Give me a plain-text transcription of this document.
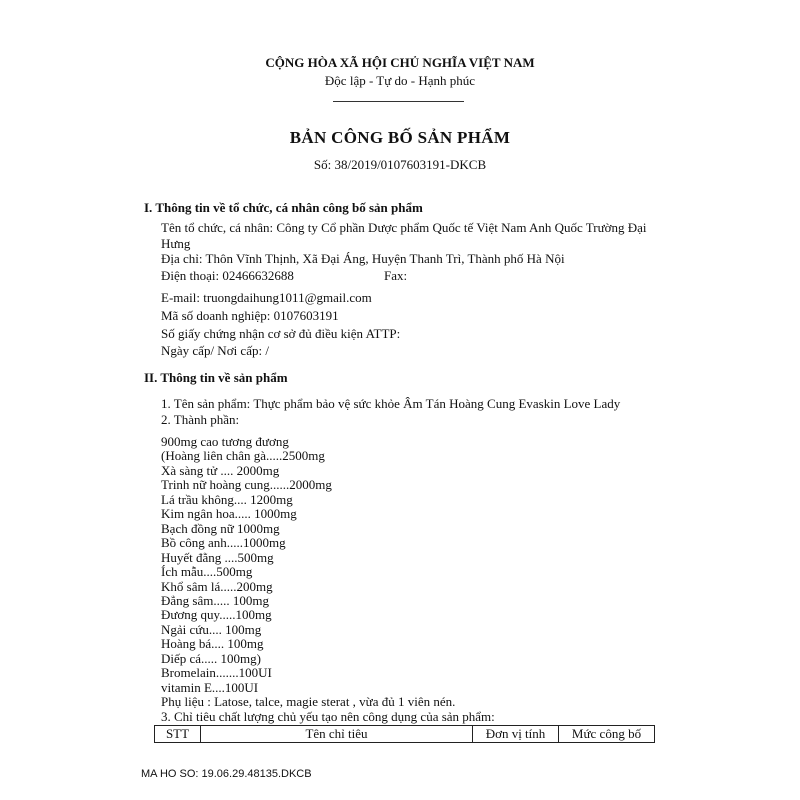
CỘNG HÒA XÃ HỘI CHỦ NGHĨA VIỆT NAM
Độc lập - Tự do - Hạnh phúc
BẢN CÔNG BỐ SẢN PHẨM
Số: 38/2019/0107603191-DKCB
I. Thông tin về tổ chức, cá nhân công bố sản phẩm
Tên tổ chức, cá nhân: Công ty Cổ phần Dược phẩm Quốc tế Việt Nam Anh Quốc Trường Đại Hưng
Địa chỉ: Thôn Vĩnh Thịnh, Xã Đại Áng, Huyện Thanh Trì, Thành phố Hà Nội
Điện thoại: 02466632688	Fax:
E-mail: truongdaihung1011@gmail.com
Mã số doanh nghiệp: 0107603191
Số giấy chứng nhận cơ sở đủ điều kiện ATTP:
Ngày cấp/ Nơi cấp: /
II. Thông tin về sản phẩm
1. Tên sản phẩm: Thực phẩm bảo vệ sức khỏe Âm Tán Hoàng Cung Evaskin Love Lady
2. Thành phần:
900mg cao tương đương
(Hoàng liên chân gà.....2500mg
Xà sàng tử .... 2000mg
Trinh nữ hoàng cung......2000mg
Lá trầu không.... 1200mg
Kim ngân hoa..... 1000mg
Bạch đồng nữ 1000mg
Bồ công anh.....1000mg
Huyết đằng ....500mg
Ích mẫu....500mg
Khổ sâm lá.....200mg
Đẳng sâm..... 100mg
Đương quy.....100mg
Ngải cứu.... 100mg
Hoàng bá.... 100mg
Diếp cá..... 100mg)
Bromelain.......100UI
vitamin E....100UI
Phụ liệu : Latose, talce, magie sterat , vừa đủ 1 viên nén.
3. Chỉ tiêu chất lượng chủ yếu tạo nên công dụng của sản phẩm:
STT	Tên chỉ tiêu	Đơn vị tính	Mức công bố
MA HO SO: 19.06.29.48135.DKCB
